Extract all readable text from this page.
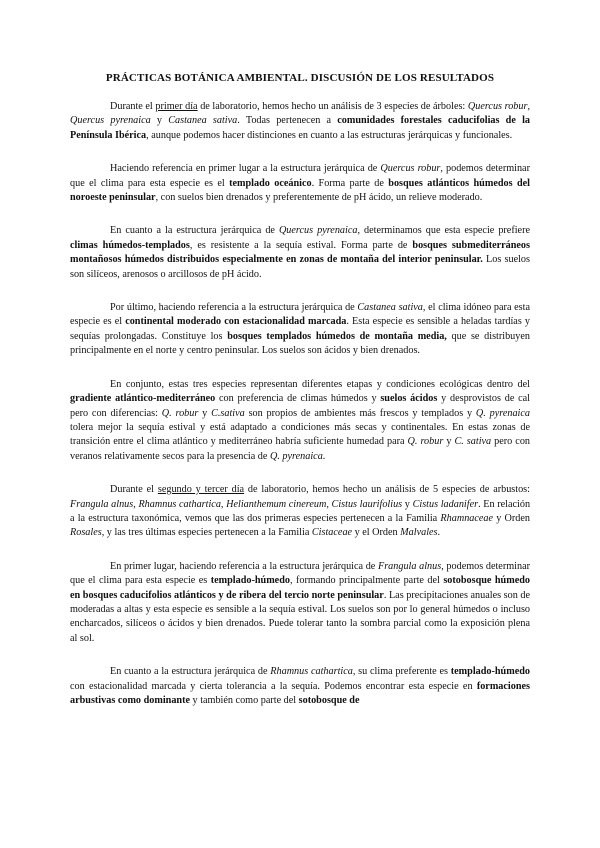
PRÁCTICAS BOTÁNICA AMBIENTAL. DISCUSIÓN DE LOS RESULTADOS

Durante el primer día de laboratorio, hemos hecho un análisis de 3 especies de árboles: Quercus robur, Quercus pyrenaica y Castanea sativa. Todas pertenecen a comunidades forestales caducifolias de la Península Ibérica, aunque podemos hacer distinciones en cuanto a las estructuras jerárquicas y funcionales.

Haciendo referencia en primer lugar a la estructura jerárquica de Quercus robur, podemos determinar que el clima para esta especie es el templado oceánico. Forma parte de bosques atlánticos húmedos del noroeste peninsular, con suelos bien drenados y preferentemente de pH ácido, un relieve moderado.

En cuanto a la estructura jerárquica de Quercus pyrenaica, determinamos que esta especie prefiere climas húmedos-templados, es resistente a la sequía estival. Forma parte de bosques submediterráneos montañosos húmedos distribuidos especialmente en zonas de montaña del interior peninsular. Los suelos son silíceos, arenosos o arcillosos de pH ácido.

Por último, haciendo referencia a la estructura jerárquica de Castanea sativa, el clima idóneo para esta especie es el continental moderado con estacionalidad marcada. Esta especie es sensible a heladas tardías y sequías prolongadas. Constituye los bosques templados húmedos de montaña media, que se distribuyen principalmente en el norte y centro peninsular. Los suelos son ácidos y bien drenados.

En conjunto, estas tres especies representan diferentes etapas y condiciones ecológicas dentro del gradiente atlántico-mediterráneo con preferencia de climas húmedos y suelos ácidos y desprovistos de cal pero con diferencias: Q. robur y C.sativa son propios de ambientes más frescos y templados y Q. pyrenaica tolera mejor la sequía estival y está adaptado a condiciones más secas y continentales. En estas zonas de transición entre el clima atlántico y mediterráneo habría suficiente humedad para Q. robur y C. sativa pero con veranos relativamente secos para la presencia de Q. pyrenaica.

Durante el segundo y tercer día de laboratorio, hemos hecho un análisis de 5 especies de arbustos: Frangula alnus, Rhamnus cathartica, Helianthemum cinereum, Cistus laurifolius y Cistus ladanifer. En relación a la estructura taxonómica, vemos que las dos primeras especies pertenecen a la Familia Rhamnaceae y Orden Rosales, y las tres últimas especies pertenecen a la Familia Cistaceae y el Orden Malvales.

En primer lugar, haciendo referencia a la estructura jerárquica de Frangula alnus, podemos determinar que el clima para esta especie es templado-húmedo, formando principalmente parte del sotobosque húmedo en bosques caducifolios atlánticos y de ribera del tercio norte peninsular. Las precipitaciones anuales son de moderadas a altas y esta especie es sensible a la sequía estival. Los suelos son por lo general húmedos o incluso encharcados, silíceos o ácidos y bien drenados. Puede tolerar tanto la sombra parcial como la exposición plena al sol.

En cuanto a la estructura jerárquica de Rhamnus cathartica, su clima preferente es templado-húmedo con estacionalidad marcada y cierta tolerancia a la sequía. Podemos encontrar esta especie en formaciones arbustivas como dominante y también como parte del sotobosque de
